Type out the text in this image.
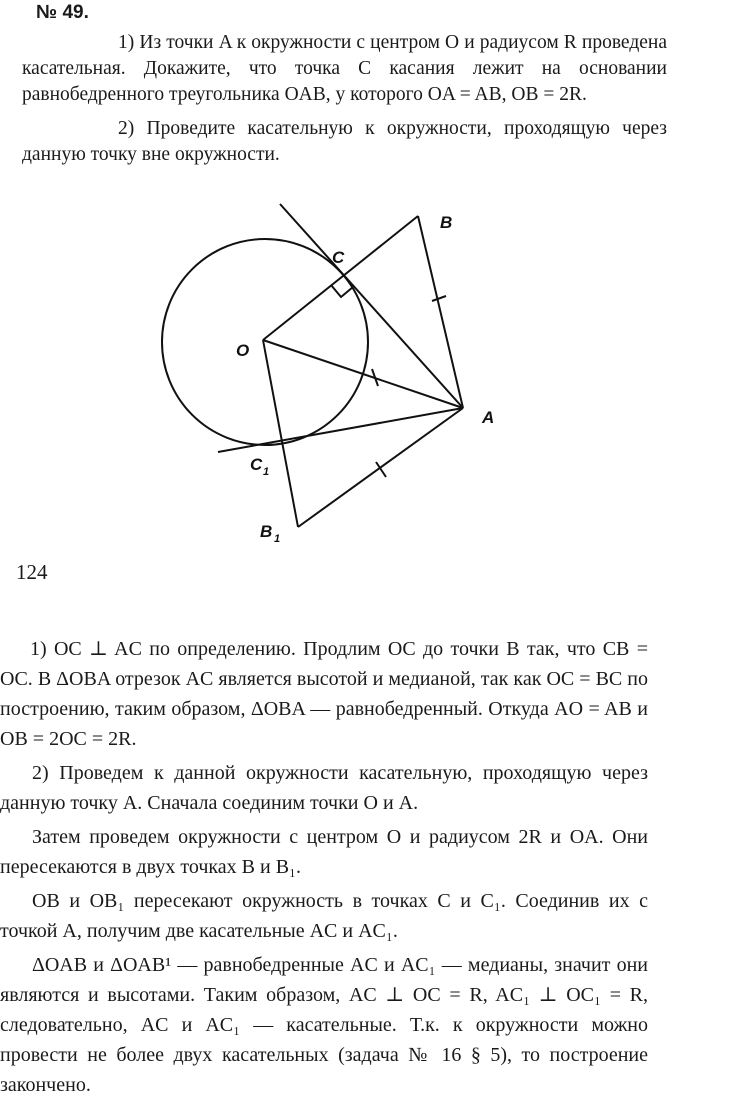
№ 49.

1) Из точки A к окружности с центром O и радиусом R проведена касательная. Докажите, что точка C касания лежит на основании равнобедренного треугольника OAB, у которого OA = AB, OB = 2R.

2) Проведите касательную к окружности, проходящую через данную точку вне окружности.

B
C
O
A
C 1
B 1
124

1) OC ⊥ AC по определению. Продлим OC до точки B так, что CB = OC. В ΔOBA отрезок AC является высотой и медианой, так как OC = BC по построению, таким образом, ΔOBA — равнобедренный. Откуда AO = AB и OB = 2OC = 2R.

2) Проведем к данной окружности касательную, проходящую через данную точку A. Сначала соединим точки O и A.

Затем проведем окружности с центром O и радиусом 2R и OA. Они пересекаются в двух точках B и B₁.

OB и OB₁ пересекают окружность в точках C и C₁. Соединив их с точкой A, получим две касательные AC и AC₁.

ΔOAB и ΔOAB¹ — равнобедренные AC и AC₁ — медианы, значит они являются и высотами. Таким образом, AC ⊥ OC = R, AC₁ ⊥ OC₁ = R, следовательно, AC и AC₁ — касательные. Т.к. к окружности можно провести не более двух касательных (задача № 16 § 5), то построение закончено.
